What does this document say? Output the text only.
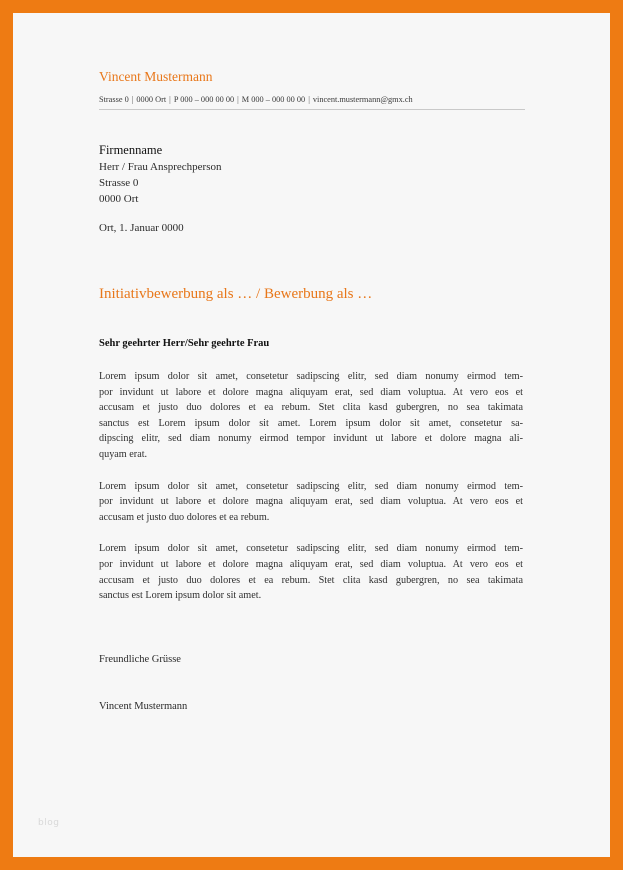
Vincent Mustermann
Strasse 0 | 0000 Ort | P 000 – 000 00 00 | M 000 – 000 00 00 | vincent.mustermann@gmx.ch
Firmenname
Herr / Frau Ansprechperson
Strasse 0
0000 Ort
Ort, 1. Januar 0000
Initiativbewerbung als … / Bewerbung als …
Sehr geehrter Herr/Sehr geehrte Frau
Lorem ipsum dolor sit amet, consetetur sadipscing elitr, sed diam nonumy eirmod tem-
por invidunt ut labore et dolore magna aliquyam erat, sed diam voluptua. At vero eos et
accusam et justo duo dolores et ea rebum. Stet clita kasd gubergren, no sea takimata
sanctus est Lorem ipsum dolor sit amet. Lorem ipsum dolor sit amet, consetetur sa-
dipscing elitr, sed diam nonumy eirmod tempor invidunt ut labore et dolore magna ali-
quyam erat.
Lorem ipsum dolor sit amet, consetetur sadipscing elitr, sed diam nonumy eirmod tem-
por invidunt ut labore et dolore magna aliquyam erat, sed diam voluptua. At vero eos et
accusam et justo duo dolores et ea rebum.
Lorem ipsum dolor sit amet, consetetur sadipscing elitr, sed diam nonumy eirmod tem-
por invidunt ut labore et dolore magna aliquyam erat, sed diam voluptua. At vero eos et
accusam et justo duo dolores et ea rebum. Stet clita kasd gubergren, no sea takimata
sanctus est Lorem ipsum dolor sit amet.
Freundliche Grüsse
Vincent Mustermann
blog
